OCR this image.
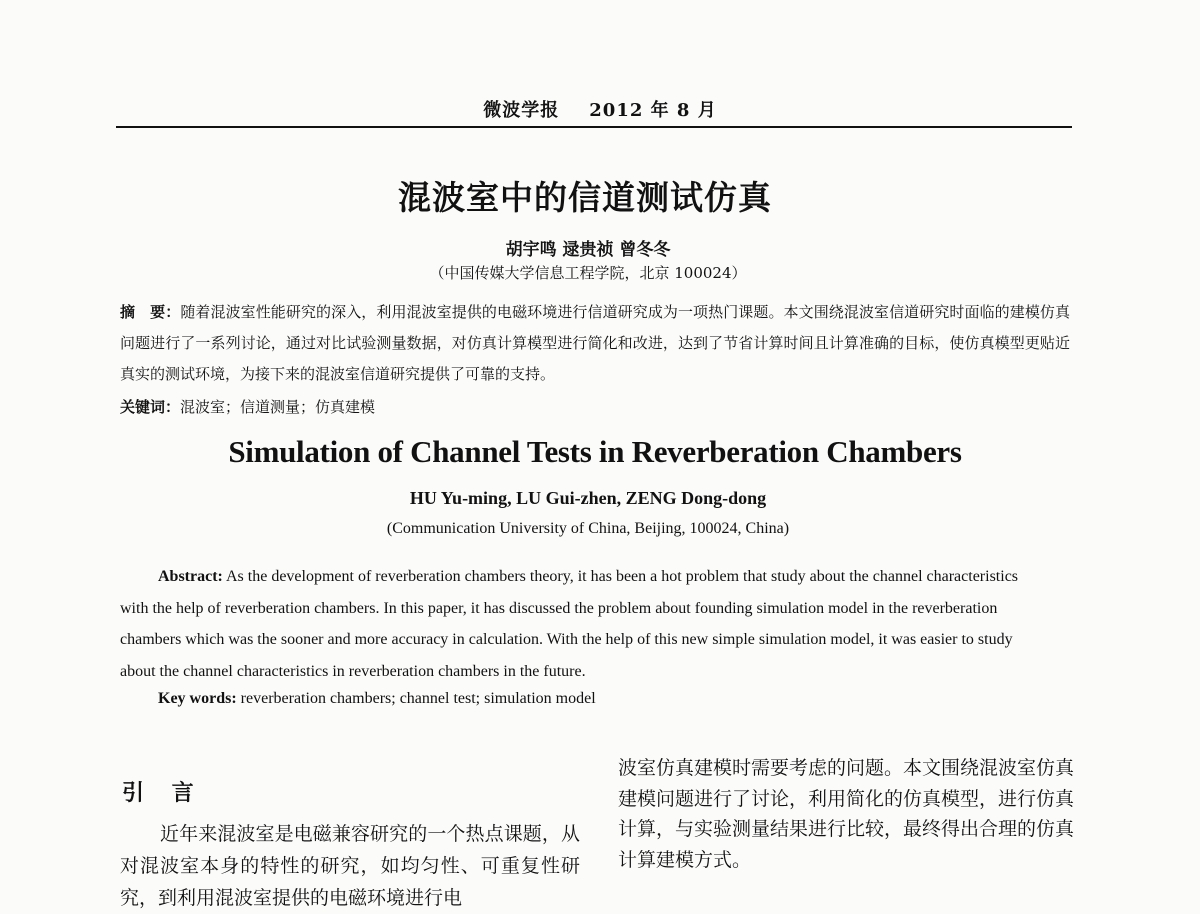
微波学报 2012 年 8 月
混波室中的信道测试仿真
胡宇鸣 逯贵祯 曾冬冬
（中国传媒大学信息工程学院，北京 100024）
摘　要：随着混波室性能研究的深入，利用混波室提供的电磁环境进行信道研究成为一项热门课题。本文围绕混波室信道研究时面临的建模仿真问题进行了一系列讨论，通过对比试验测量数据，对仿真计算模型进行简化和改进，达到了节省计算时间且计算准确的目标，使仿真模型更贴近真实的测试环境，为接下来的混波室信道研究提供了可靠的支持。
关键词：混波室；信道测量；仿真建模
Simulation of Channel Tests in Reverberation Chambers
HU Yu-ming, LU Gui-zhen, ZENG Dong-dong
(Communication University of China, Beijing, 100024, China)
Abstract: As the development of reverberation chambers theory, it has been a hot problem that study about the channel characteristics with the help of reverberation chambers. In this paper, it has discussed the problem about founding simulation model in the reverberation chambers which was the sooner and more accuracy in calculation. With the help of this new simple simulation model, it was easier to study about the channel characteristics in reverberation chambers in the future.
Key words: reverberation chambers; channel test; simulation model
引 言
近年来混波室是电磁兼容研究的一个热点课题，从对混波室本身的特性的研究，如均匀性、可重复性研究，到利用混波室提供的电磁环境进行电
波室仿真建模时需要考虑的问题。本文围绕混波室仿真建模问题进行了讨论，利用简化的仿真模型，进行仿真计算，与实验测量结果进行比较，最终得出合理的仿真计算建模方式。
